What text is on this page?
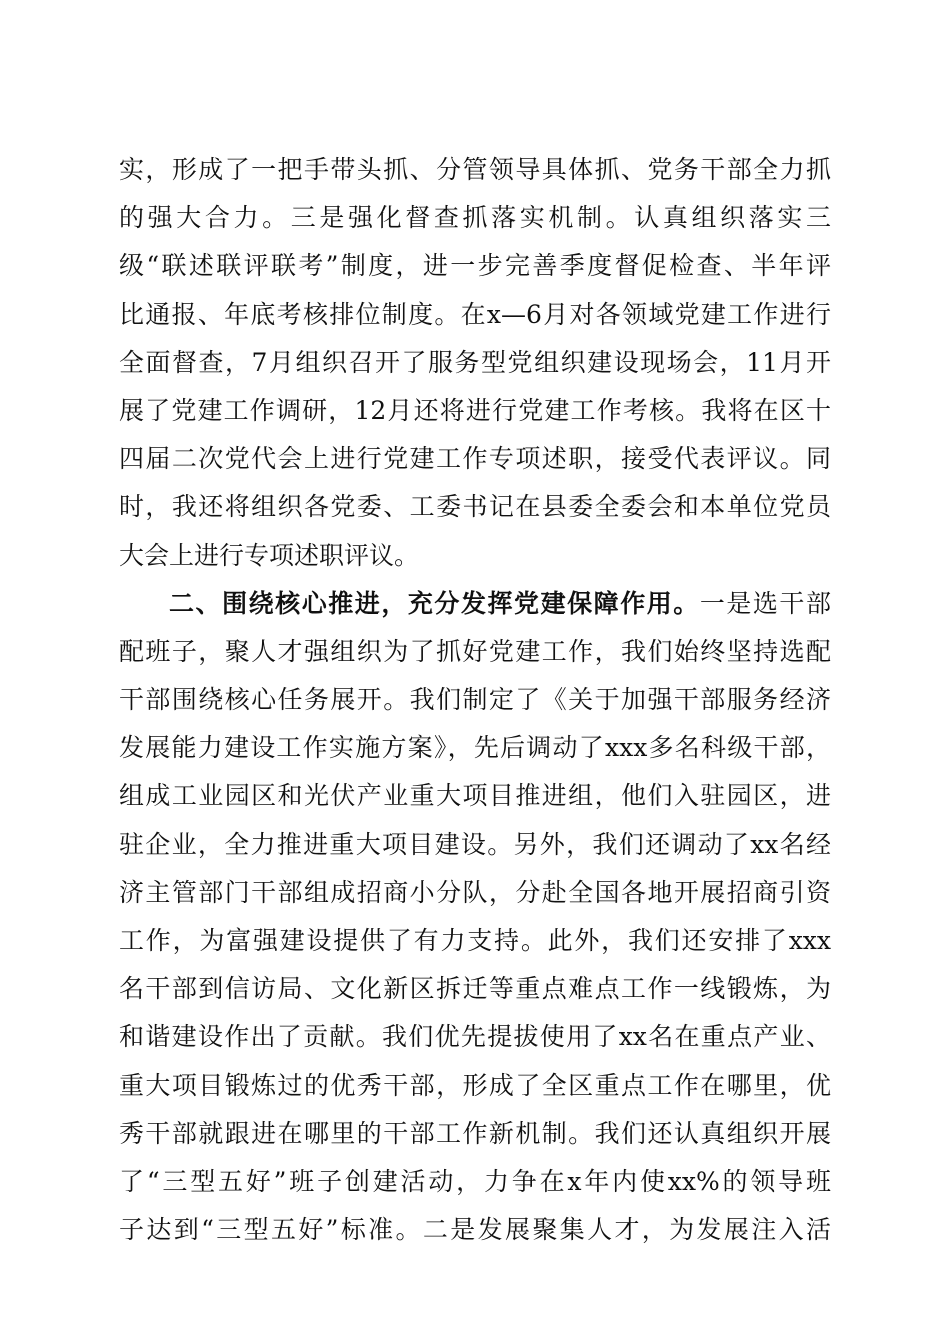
实，形成了一把手带头抓、分管领导具体抓、党务干部全力抓
的强大合力。三是强化督查抓落实机制。认真组织落实三
级“联述联评联考”制度，进一步完善季度督促检查、半年评
比通报、年底考核排位制度。在x—6月对各领域党建工作进行
全面督查，7月组织召开了服务型党组织建设现场会，11月开
展了党建工作调研，12月还将进行党建工作考核。我将在区十
四届二次党代会上进行党建工作专项述职，接受代表评议。同
时，我还将组织各党委、工委书记在县委全委会和本单位党员
大会上进行专项述职评议。
二、围绕核心推进，充分发挥党建保障作用。一是选干部
配班子，聚人才强组织为了抓好党建工作，我们始终坚持选配
干部围绕核心任务展开。我们制定了《关于加强干部服务经济
发展能力建设工作实施方案》，先后调动了xxx多名科级干部，
组成工业园区和光伏产业重大项目推进组，他们入驻园区，进
驻企业，全力推进重大项目建设。另外，我们还调动了xx名经
济主管部门干部组成招商小分队，分赴全国各地开展招商引资
工作，为富强建设提供了有力支持。此外，我们还安排了xxx
名干部到信访局、文化新区拆迁等重点难点工作一线锻炼，为
和谐建设作出了贡献。我们优先提拔使用了xx名在重点产业、
重大项目锻炼过的优秀干部，形成了全区重点工作在哪里，优
秀干部就跟进在哪里的干部工作新机制。我们还认真组织开展
了“三型五好”班子创建活动，力争在x年内使xx%的领导班
子达到“三型五好”标准。二是发展聚集人才，为发展注入活
